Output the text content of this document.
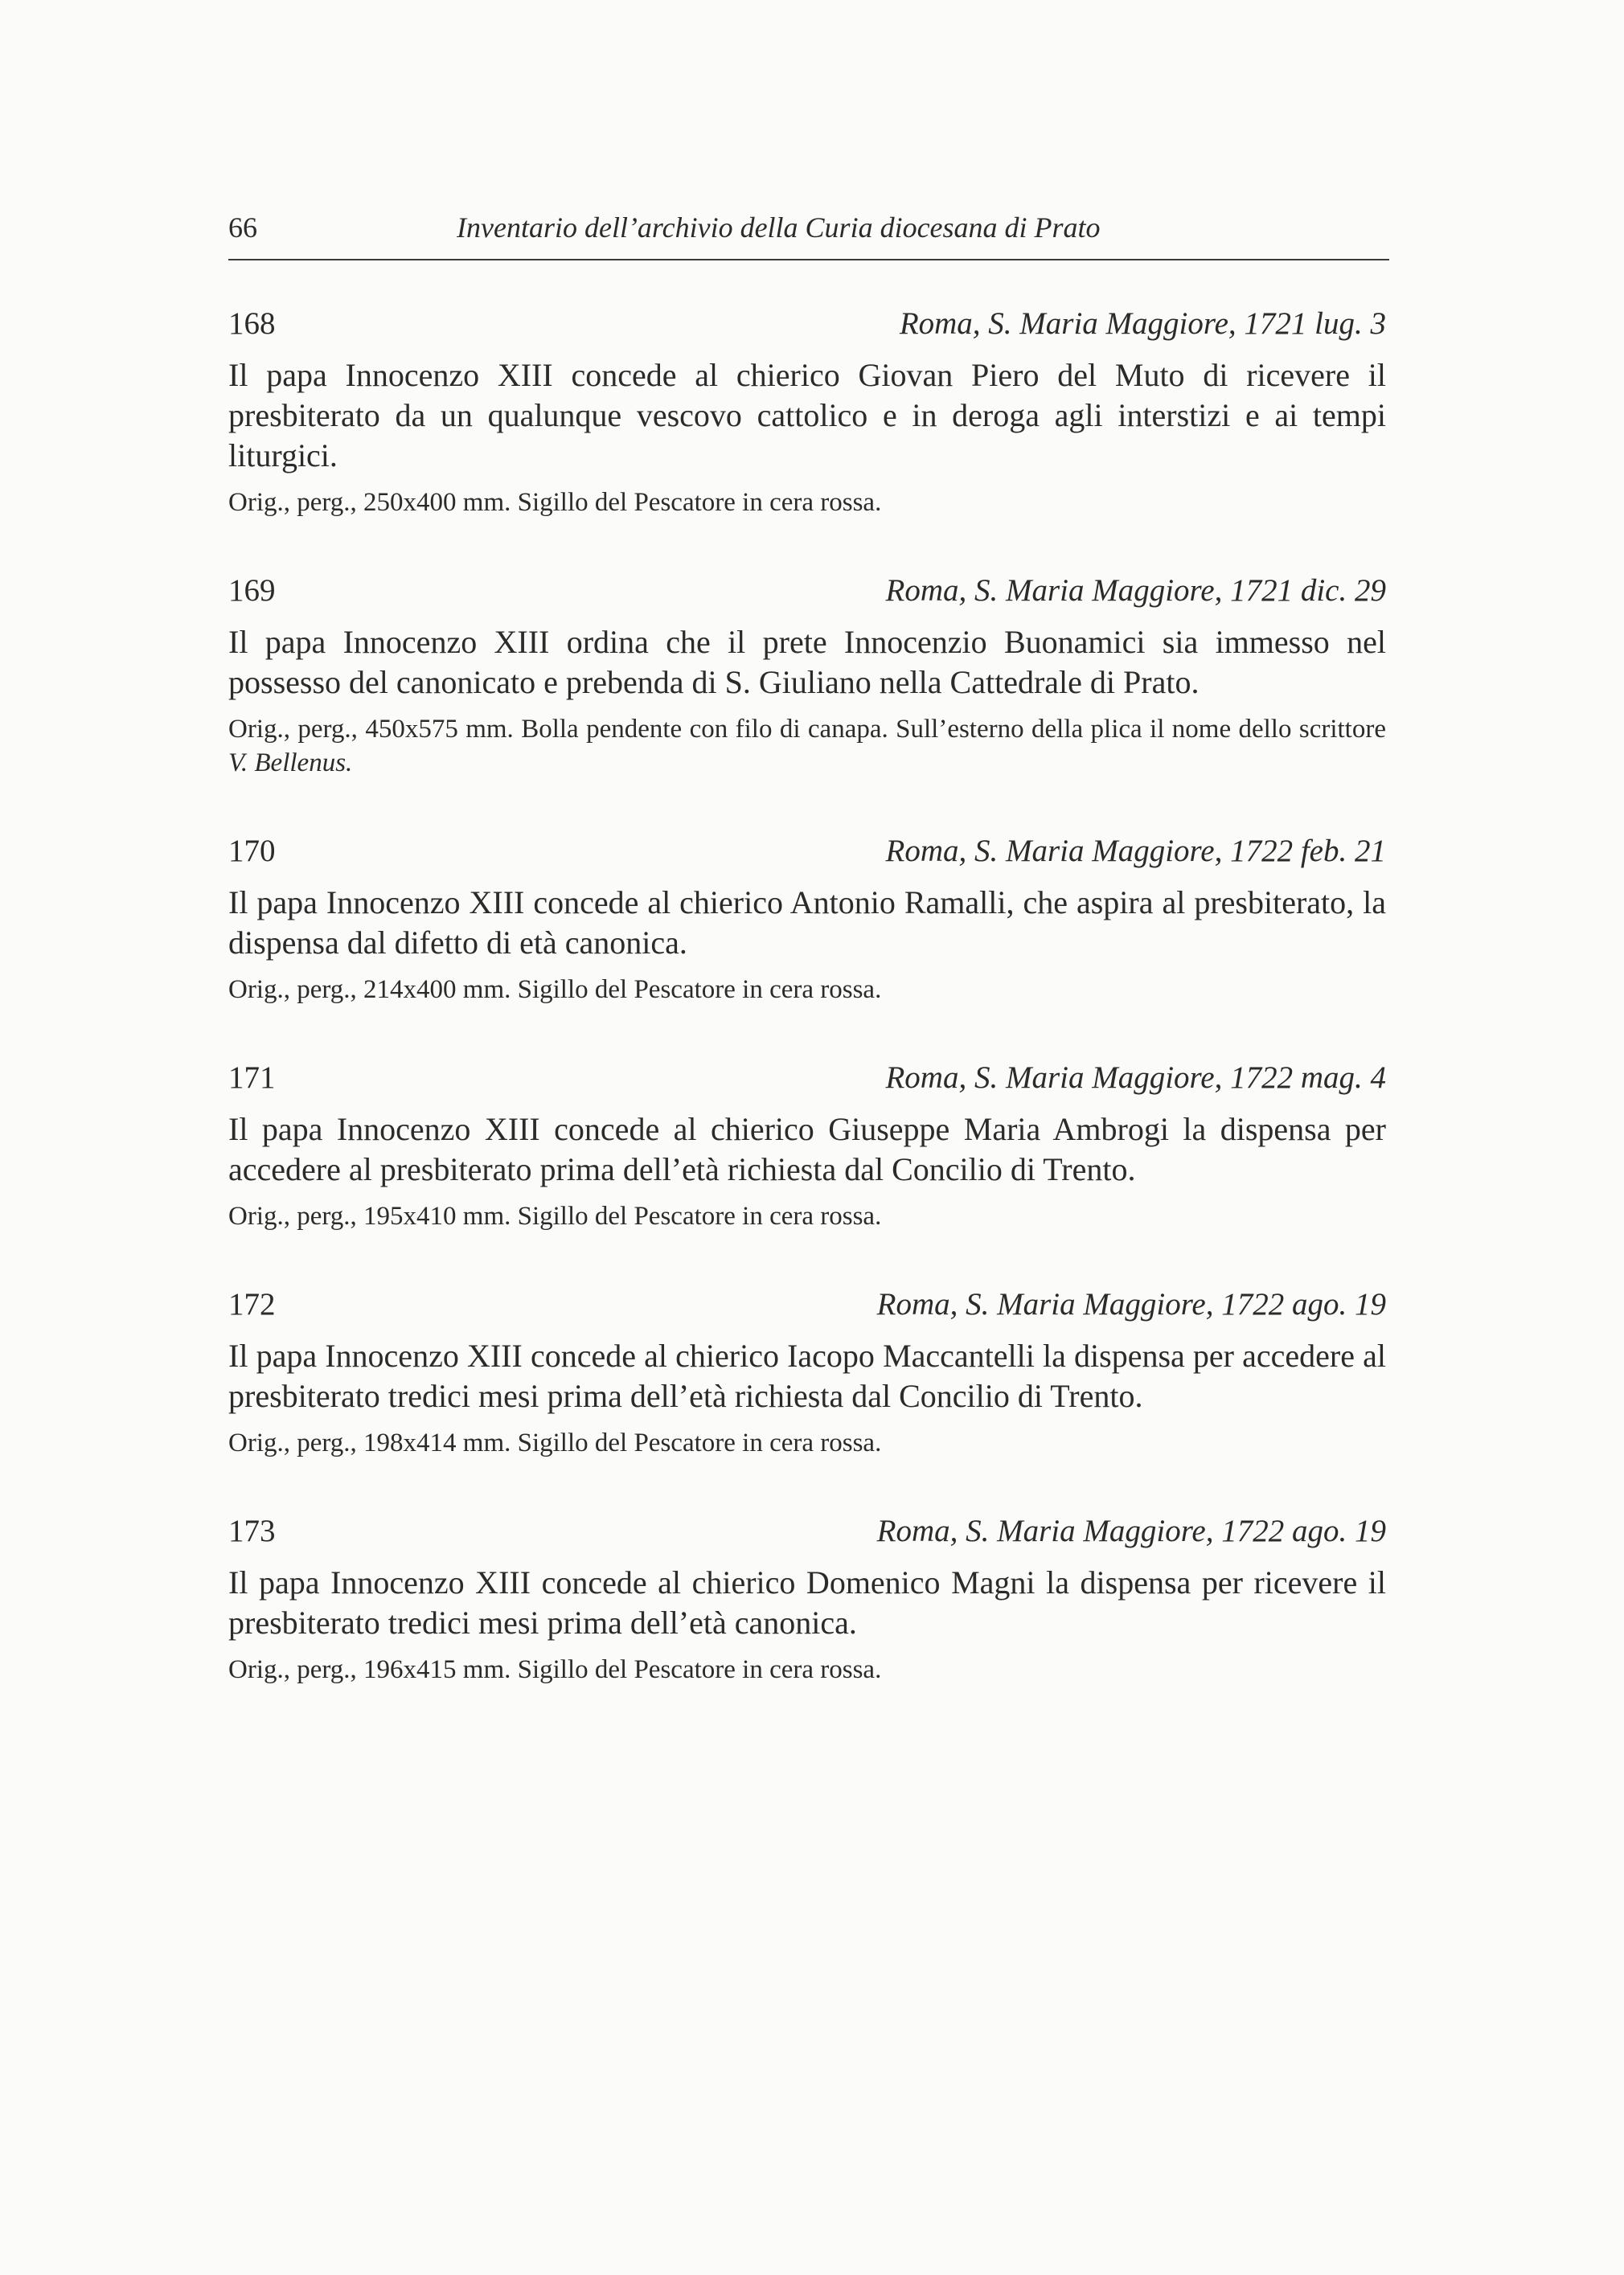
66	Inventario dell’archivio della Curia diocesana di Prato
168	Roma, S. Maria Maggiore, 1721 lug. 3

Il papa Innocenzo XIII concede al chierico Giovan Piero del Muto di ricevere il presbiterato da un qualunque vescovo cattolico e in deroga agli interstizi e ai tempi liturgici.

Orig., perg., 250x400 mm. Sigillo del Pescatore in cera rossa.

169	Roma, S. Maria Maggiore, 1721 dic. 29

Il papa Innocenzo XIII ordina che il prete Innocenzio Buonamici sia immesso nel possesso del canonicato e prebenda di S. Giuliano nella Cattedrale di Prato.

Orig., perg., 450x575 mm. Bolla pendente con filo di canapa. Sull’esterno della plica il nome dello scrittore V. Bellenus.

170	Roma, S. Maria Maggiore, 1722 feb. 21

Il papa Innocenzo XIII concede al chierico Antonio Ramalli, che aspira al presbiterato, la dispensa dal difetto di età canonica.

Orig., perg., 214x400 mm. Sigillo del Pescatore in cera rossa.

171	Roma, S. Maria Maggiore, 1722 mag. 4

Il papa Innocenzo XIII concede al chierico Giuseppe Maria Ambrogi la dispensa per accedere al presbiterato prima dell’età richiesta dal Concilio di Trento.

Orig., perg., 195x410 mm. Sigillo del Pescatore in cera rossa.

172	Roma, S. Maria Maggiore, 1722 ago. 19

Il papa Innocenzo XIII concede al chierico Iacopo Maccantelli la dispensa per accedere al presbiterato tredici mesi prima dell’età richiesta dal Concilio di Trento.

Orig., perg., 198x414 mm. Sigillo del Pescatore in cera rossa.

173	Roma, S. Maria Maggiore, 1722 ago. 19

Il papa Innocenzo XIII concede al chierico Domenico Magni la dispensa per ricevere il presbiterato tredici mesi prima dell’età canonica.

Orig., perg., 196x415 mm. Sigillo del Pescatore in cera rossa.
